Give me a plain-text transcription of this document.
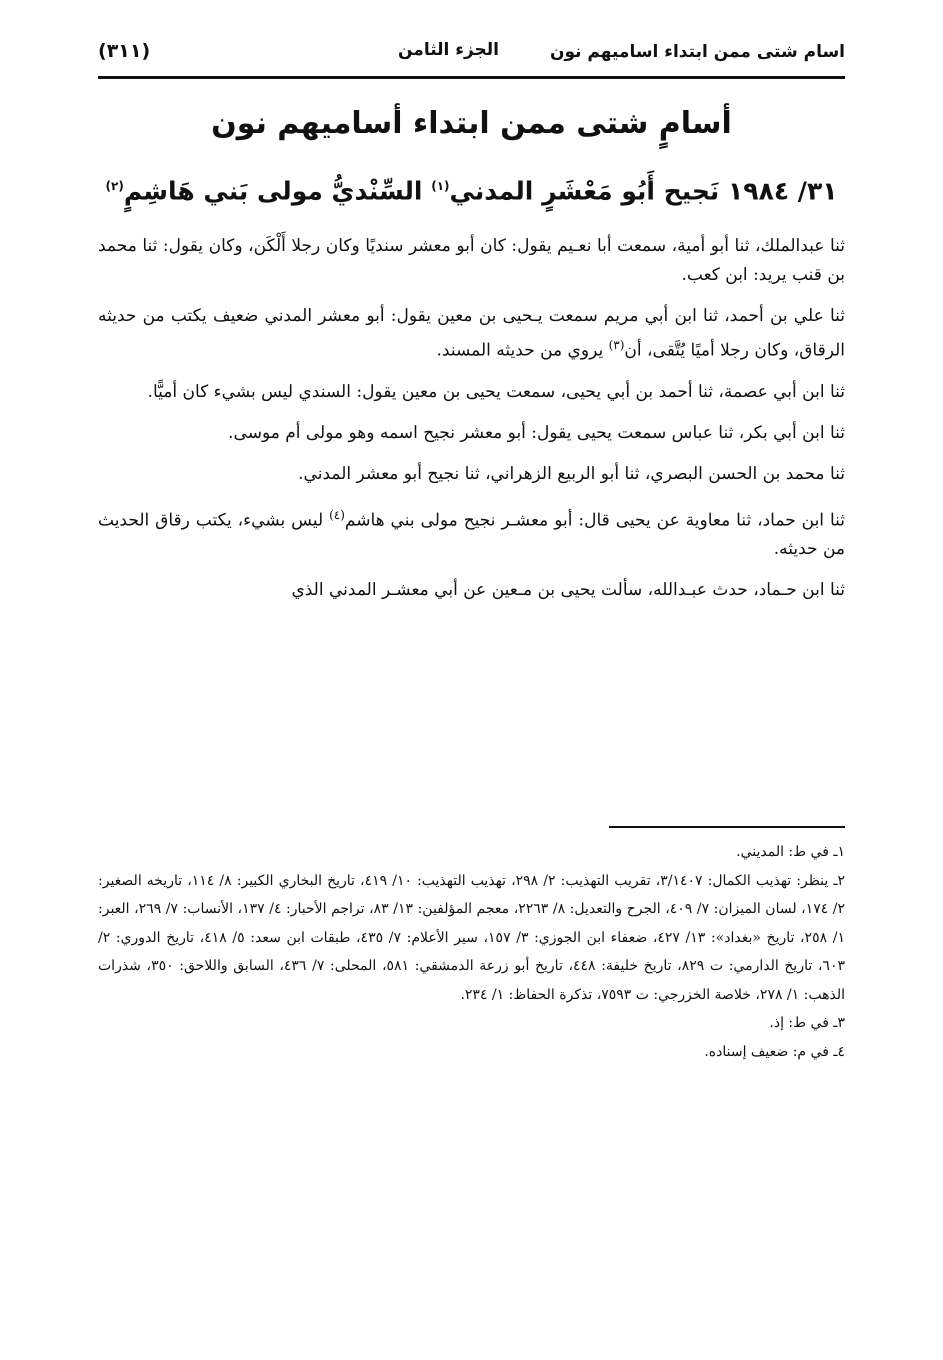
اسام شتى ممن ابتداء اساميهم نون
الجزء الثامن
(٣١١)
أسامٍ شتى ممن ابتداء أساميهم نون
٣١/ ١٩٨٤ نَجيح أَبُو مَعْشَرٍ المدني$^{(١)}$ السِّنْديُّ مولى بَني هَاشِمٍ$^{(٢)}$

ثنا عبدالملك، ثنا أبو أمية، سمعت أبا نعـيم يقول: كان أبو معشر سنديًا وكان رجلا أَلْكَن، وكان يقول: ثنا محمد بن قنب يريد: ابن كعب.

ثنا علي بن أحمد، ثنا ابن أبي مريم سمعت يـحيى بن معين يقول: أبو معشر المدني ضعيف يكتب من حديثه الرقاق، وكان رجلا أميًا يُتَّقى، أن$^{(٣)}$ يروي من حديثه المسند.

ثنا ابن أبي عصمة، ثنا أحمد بن أبي يحيى، سمعت يحيى بن معين يقول: السندي ليس بشيء كان أميًّا.

ثنا ابن أبي بكر، ثنا عباس سمعت يحيى يقول: أبو معشر نجيح اسمه وهو مولى أم موسى.

ثنا محمد بن الحسن البصري، ثنا أبو الربيع الزهراني، ثنا نجيح أبو معشر المدني.

ثنا ابن حماد، ثنا معاوية عن يحيى قال: أبو معشـر نجيح مولى بني هاشم$^{(٤)}$ ليس بشيء، يكتب رقاق الحديث من حديثه.

ثنا ابن حـماد، حدث عبـدالله، سألت يحيى بن مـعين عن أبي معشـر المدني الذي

١ـ في ط: المديني.

٢ـ ينظر: تهذيب الكمال: ٣/١٤٠٧، تقريب التهذيب: ٢/ ٢٩٨، تهذيب التهذيب: ١٠/ ٤١٩، تاريخ البخاري الكبير: ٨/ ١١٤، تاريخه الصغير: ٢/ ١٧٤، لسان الميزان: ٧/ ٤٠٩، الجرح والتعديل: ٨/ ٢٢٦٣، معجم المؤلفين: ١٣/ ٨٣، تراجم الأحبار: ٤/ ١٣٧، الأنساب: ٧/ ٢٦٩، العبر: ١/ ٢٥٨، تاريخ «بغداد»: ١٣/ ٤٢٧، ضعفاء ابن الجوزي: ٣/ ١٥٧، سير الأعلام: ٧/ ٤٣٥، طبقات ابن سعد: ٥/ ٤١٨، تاريخ الدوري: ٢/ ٦٠٣، تاريخ الدارمي: ت ٨٢٩، تاريخ خليفة: ٤٤٨، تاريخ أبو زرعة الدمشقي: ٥٨١، المحلى: ٧/ ٤٣٦، السابق واللاحق: ٣٥٠، شذرات الذهب: ١/ ٢٧٨، خلاصة الخزرجي: ت ٧٥٩٣، تذكرة الحفاظ: ١/ ٢٣٤.

٣ـ في ط: إذ.

٤ـ في م: ضعيف إسناده.
